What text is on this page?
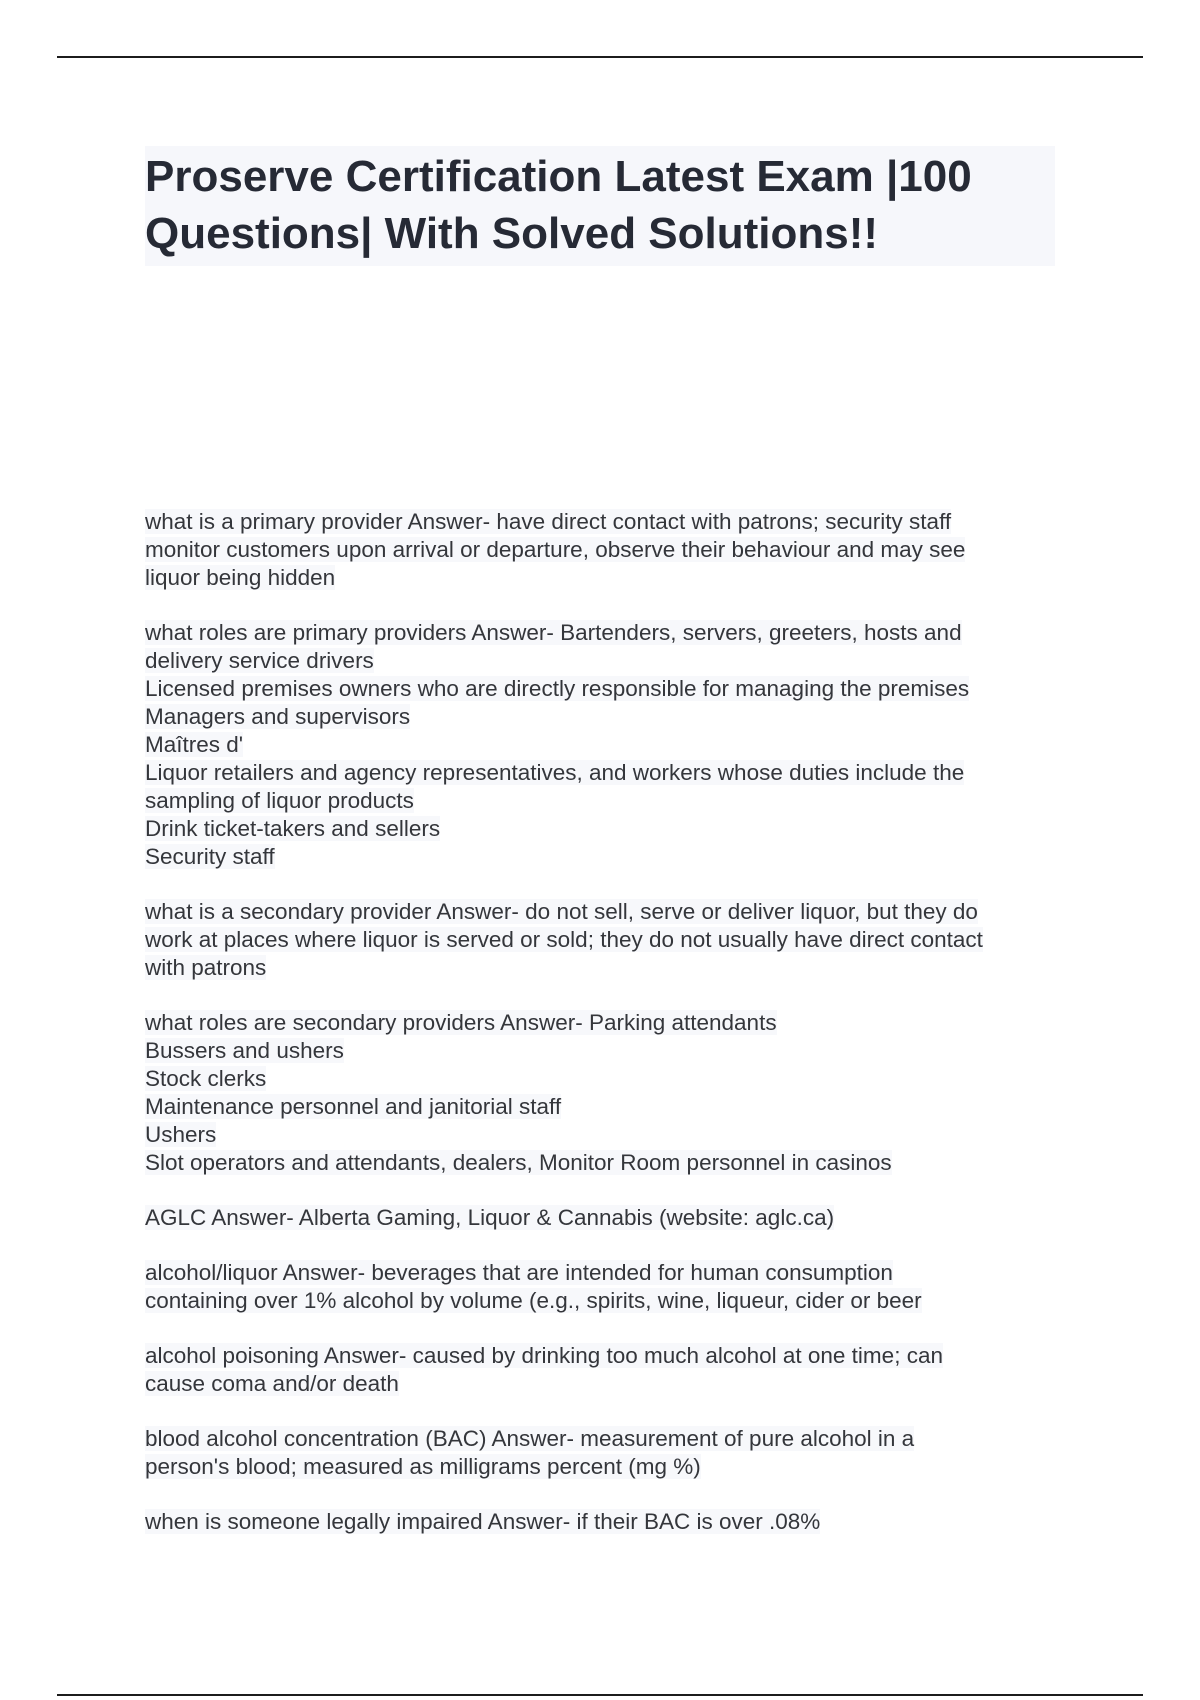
Proserve Certification Latest Exam |100
Questions| With Solved Solutions!!
what is a primary provider Answer- have direct contact with patrons; security staff
monitor customers upon arrival or departure, observe their behaviour and may see
liquor being hidden
what roles are primary providers Answer- Bartenders, servers, greeters, hosts and
delivery service drivers
Licensed premises owners who are directly responsible for managing the premises
Managers and supervisors
Maîtres d'
Liquor retailers and agency representatives, and workers whose duties include the
sampling of liquor products
Drink ticket-takers and sellers
Security staff
what is a secondary provider Answer- do not sell, serve or deliver liquor, but they do
work at places where liquor is served or sold; they do not usually have direct contact
with patrons
what roles are secondary providers Answer- Parking attendants
Bussers and ushers
Stock clerks
Maintenance personnel and janitorial staff
Ushers
Slot operators and attendants, dealers, Monitor Room personnel in casinos
AGLC Answer- Alberta Gaming, Liquor & Cannabis (website: aglc.ca)
alcohol/liquor Answer- beverages that are intended for human consumption
containing over 1% alcohol by volume (e.g., spirits, wine, liqueur, cider or beer
alcohol poisoning Answer- caused by drinking too much alcohol at one time; can
cause coma and/or death
blood alcohol concentration (BAC) Answer- measurement of pure alcohol in a
person's blood; measured as milligrams percent (mg %)
when is someone legally impaired Answer- if their BAC is over .08%
